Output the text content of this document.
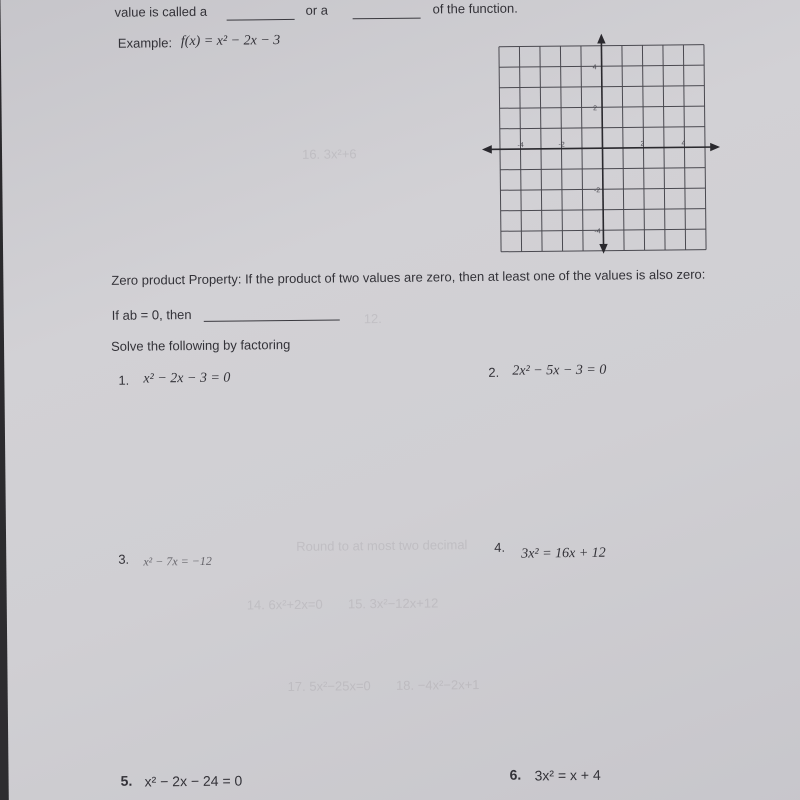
16. 3x²+6
12.
Round to at most two decimal
14. 6x²+2x=0       15. 3x²−12x+12
17. 5x²−25x=0       18. −4x²−2x+1
value is called a	or a	of the function.
Example: f(x) = x² − 2x − 3
-4	-2	2	4
4
2
-2
-4
Zero product Property: If the product of two values are zero, then at least one of the values is also zero:
If ab = 0, then
Solve the following by factoring
1. x² − 2x − 3 = 0	2. 2x² − 5x − 3 = 0
3. x² − 7x = −12
4. 3x² = 16x + 12
5. x² − 2x − 24 = 0	6. 3x² = x + 4
